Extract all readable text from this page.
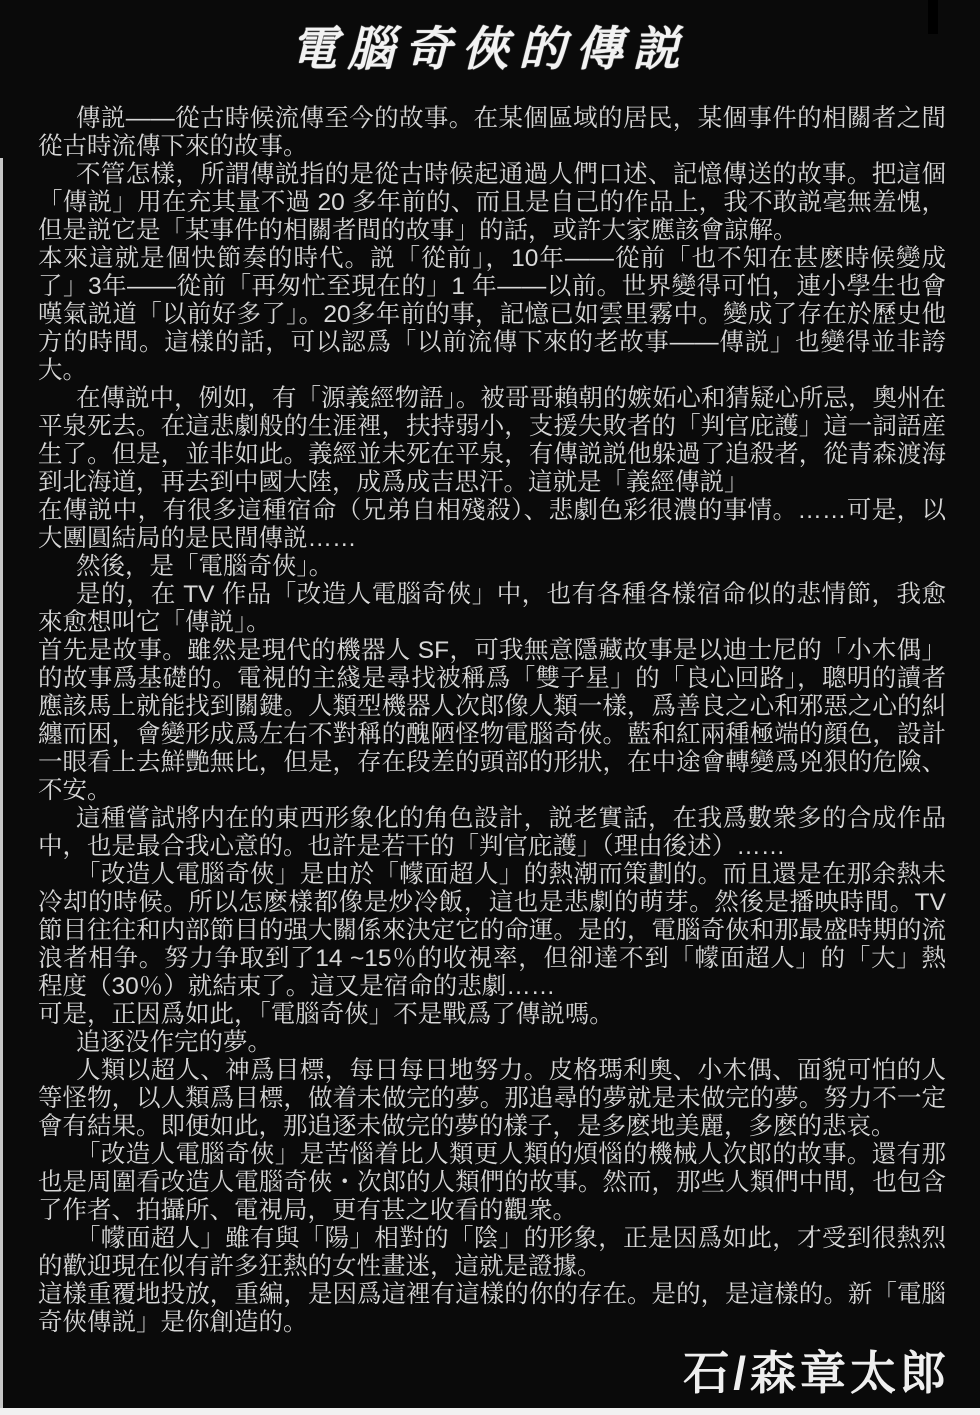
電腦奇俠的傳説

傳説——從古時候流傳至今的故事。在某個區域的居民，某個事件的相關者之間從古時流傳下來的故事。

不管怎樣，所謂傳説指的是從古時候起通過人們口述、記憶傳送的故事。把這個「傳説」用在充其量不過 20 多年前的、而且是自己的作品上，我不敢説毫無羞愧，但是説它是「某事件的相關者間的故事」的話，或許大家應該會諒解。

本來這就是個快節奏的時代。説「從前」，10年——從前「也不知在甚麽時候變成了」3年——從前「再匆忙至現在的」1 年——以前。世界變得可怕，連小學生也會嘆氣説道「以前好多了」。20多年前的事，記憶已如雲里霧中。變成了存在於歷史他方的時間。這樣的話，可以認爲「以前流傳下來的老故事——傳説」也變得並非誇大。

在傳説中，例如，有「源義經物語」。被哥哥賴朝的嫉妬心和猜疑心所忌，奧州在平泉死去。在這悲劇般的生涯裡，扶持弱小，支援失敗者的「判官庇護」這一詞語産生了。但是，並非如此。義經並未死在平泉，有傳説説他躲過了追殺者，從青森渡海到北海道，再去到中國大陸，成爲成吉思汗。這就是「義經傳説」

在傳説中，有很多這種宿命（兄弟自相殘殺）、悲劇色彩很濃的事情。……可是，以大團圓結局的是民間傳説……

然後，是「電腦奇俠」。

是的，在 TV 作品「改造人電腦奇俠」中，也有各種各樣宿命似的悲情節，我愈來愈想叫它「傳説」。

首先是故事。雖然是現代的機器人 SF，可我無意隱藏故事是以迪士尼的「小木偶」的故事爲基礎的。電視的主綫是尋找被稱爲「雙子星」的「良心回路」，聰明的讀者應該馬上就能找到關鍵。人類型機器人次郎像人類一樣，爲善良之心和邪惡之心的糾纏而困，會變形成爲左右不對稱的醜陋怪物電腦奇俠。藍和紅兩種極端的顔色，設計一眼看上去鮮艷無比，但是，存在段差的頭部的形狀，在中途會轉變爲兇狠的危險、不安。

這種嘗試將内在的東西形象化的角色設計，説老實話，在我爲數衆多的合成作品中，也是最合我心意的。也許是若干的「判官庇護」（理由後述）……

「改造人電腦奇俠」是由於「幪面超人」的熱潮而策劃的。而且還是在那余熱未冷却的時候。所以怎麽樣都像是炒冷飯，這也是悲劇的萌芽。然後是播映時間。TV節目往往和内部節目的强大關係來決定它的命運。是的，電腦奇俠和那最盛時期的流浪者相争。努力争取到了14 ~15％的收視率，但卻達不到「幪面超人」的「大」熱程度（30％）就結束了。這又是宿命的悲劇……

可是，正因爲如此，「電腦奇俠」不是戰爲了傳説嗎。

追逐没作完的夢。

人類以超人、神爲目標，每日每日地努力。皮格瑪利奧、小木偶、面貌可怕的人等怪物，以人類爲目標，做着未做完的夢。那追尋的夢就是未做完的夢。努力不一定會有結果。即便如此，那追逐未做完的夢的樣子，是多麽地美麗，多麽的悲哀。

「改造人電腦奇俠」是苦惱着比人類更人類的煩惱的機械人次郎的故事。還有那也是周圍看改造人電腦奇俠・次郎的人類們的故事。然而，那些人類們中間，也包含了作者、拍攝所、電視局，更有甚之收看的觀衆。

「幪面超人」雖有與「陽」相對的「陰」的形象，正是因爲如此，才受到很熱烈的歡迎現在似有許多狂熱的女性畫迷，這就是證據。

這樣重覆地投放，重編，是因爲這裡有這樣的你的存在。是的，是這樣的。新「電腦奇俠傳説」是你創造的。

石/森章太郎
